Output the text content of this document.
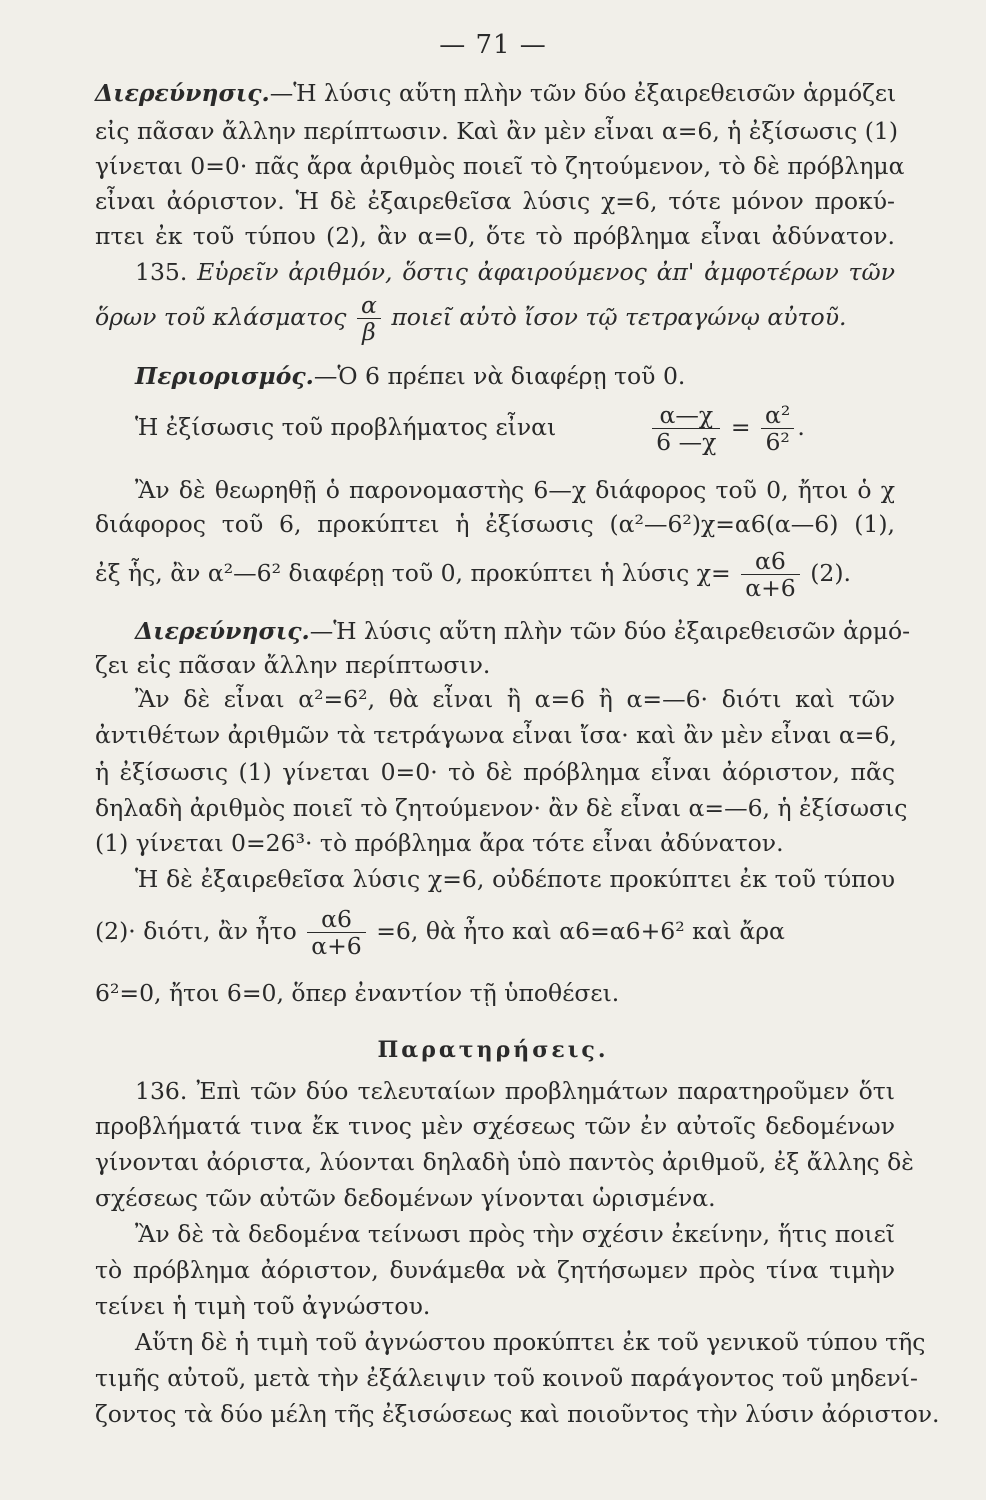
— 71 —
Διερεύνησις.—Ἡ λύσις αὕτη πλὴν τῶν δύο ἐξαιρεθεισῶν ἁρμόζει
εἰς πᾶσαν ἄλλην περίπτωσιν. Καὶ ἂν μὲν εἶναι α=6, ἡ ἐξίσωσις (1)
γίνεται 0=0· πᾶς ἄρα ἀριθμὸς ποιεῖ τὸ ζητούμενον, τὸ δὲ πρόβλημα
εἶναι ἀόριστον. Ἡ δὲ ἐξαιρεθεῖσα λύσις χ=6, τότε μόνον προκύ-
πτει ἐκ τοῦ τύπου (2), ἂν α=0, ὅτε τὸ πρόβλημα εἶναι ἀδύνατον.
135. Εὑρεῖν ἀριθμόν, ὅστις ἀφαιρούμενος ἀπ' ἀμφοτέρων τῶν
ὅρων τοῦ κλάσματος $\frac{\alpha}{\beta}$ ποιεῖ αὐτὸ ἴσον τῷ τετραγώνῳ αὐτοῦ.
Περιορισμός.—Ὁ 6 πρέπει νὰ διαφέρῃ τοῦ 0.
Ἡ ἐξίσωσις τοῦ προβλήματος εἶναι	$\frac{\alpha—\chi}{6 —\chi} = \frac{\text{α²}}{\text{6²}}$ .
Ἂν δὲ θεωρηθῇ ὁ παρονομαστὴς 6—χ διάφορος τοῦ 0, ἤτοι ὁ χ
διάφορος τοῦ 6, προκύπτει ἡ ἐξίσωσις (α²—6²)χ=α6(α—6) (1),
ἐξ ἧς, ἂν α²—6² διαφέρῃ τοῦ 0, προκύπτει ἡ λύσις $\chi= \frac{\alpha 6}{\alpha+6} (2)$.
Διερεύνησις.—Ἡ λύσις αὕτη πλὴν τῶν δύο ἐξαιρεθεισῶν ἁρμό-
ζει εἰς πᾶσαν ἄλλην περίπτωσιν.
Ἂν δὲ εἶναι α²=6², θὰ εἶναι ἢ α=6 ἢ α=—6· διότι καὶ τῶν
ἀντιθέτων ἀριθμῶν τὰ τετράγωνα εἶναι ἴσα· καὶ ἂν μὲν εἶναι α=6,
ἡ ἐξίσωσις (1) γίνεται 0=0· τὸ δὲ πρόβλημα εἶναι ἀόριστον, πᾶς
δηλαδὴ ἀριθμὸς ποιεῖ τὸ ζητούμενον· ἂν δὲ εἶναι α=—6, ἡ ἐξίσωσις
(1) γίνεται 0=26³· τὸ πρόβλημα ἄρα τότε εἶναι ἀδύνατον.
Ἡ δὲ ἐξαιρεθεῖσα λύσις χ=6, οὐδέποτε προκύπτει ἐκ τοῦ τύπου
(2)· διότι, ἂν ἦτο $\frac{\alpha 6}{\alpha+6} =6$, θὰ ἦτο καὶ α6=α6+6² καὶ ἄρα
6²=0, ἤτοι 6=0, ὅπερ ἐναντίον τῇ ὑποθέσει.
Παρατηρήσεις.
136. Ἐπὶ τῶν δύο τελευταίων προβλημάτων παρατηροῦμεν ὅτι
προβλήματά τινα ἔκ τινος μὲν σχέσεως τῶν ἐν αὐτοῖς δεδομένων
γίνονται ἀόριστα, λύονται δηλαδὴ ὑπὸ παντὸς ἀριθμοῦ, ἐξ ἄλλης δὲ
σχέσεως τῶν αὐτῶν δεδομένων γίνονται ὡρισμένα.
Ἂν δὲ τὰ δεδομένα τείνωσι πρὸς τὴν σχέσιν ἐκείνην, ἥτις ποιεῖ
τὸ πρόβλημα ἀόριστον, δυνάμεθα νὰ ζητήσωμεν πρὸς τίνα τιμὴν
τείνει ἡ τιμὴ τοῦ ἀγνώστου.
Αὕτη δὲ ἡ τιμὴ τοῦ ἀγνώστου προκύπτει ἐκ τοῦ γενικοῦ τύπου τῆς
τιμῆς αὐτοῦ, μετὰ τὴν ἐξάλειψιν τοῦ κοινοῦ παράγοντος τοῦ μηδενί-
ζοντος τὰ δύο μέλη τῆς ἐξισώσεως καὶ ποιοῦντος τὴν λύσιν ἀόριστον.
